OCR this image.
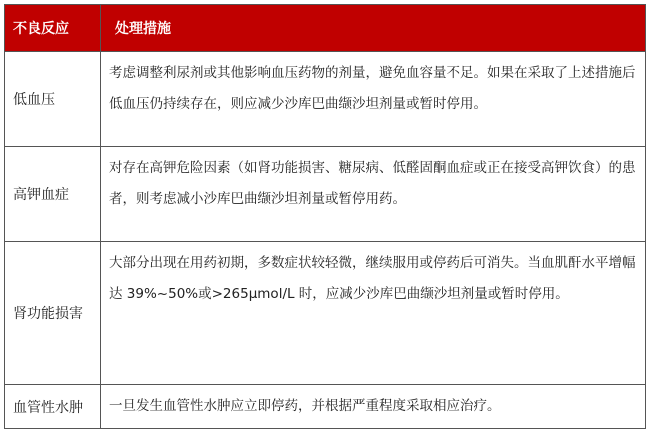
不良反应	处理措施
低血压	考虑调整利尿剂或其他影响血压药物的剂量，避免血容量不足。如果在采取了上述措施后低血压仍持续存在，则应减少沙库巴曲缬沙坦剂量或暂时停用。
高钾血症	对存在高钾危险因素（如肾功能损害、糖尿病、低醛固酮血症或正在接受高钾饮食）的患者，则考虑减小沙库巴曲缬沙坦剂量或暂停用药。
肾功能损害	大部分出现在用药初期，多数症状较轻微，继续服用或停药后可消失。当血肌酐水平增幅达 39%~50%或>265μmol/L 时，应减少沙库巴曲缬沙坦剂量或暂时停用。
血管性水肿	一旦发生血管性水肿应立即停药，并根据严重程度采取相应治疗。
